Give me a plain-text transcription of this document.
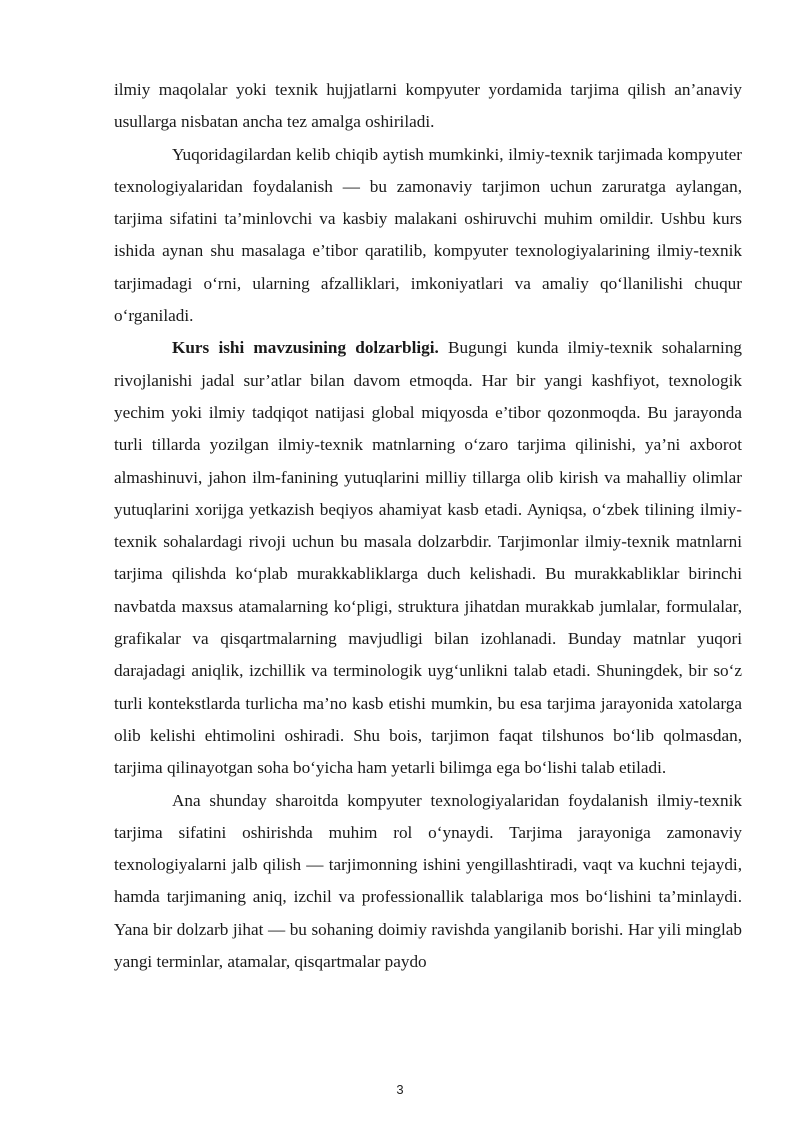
ilmiy maqolalar yoki texnik hujjatlarni kompyuter yordamida tarjima qilish an’anaviy usullarga nisbatan ancha tez amalga oshiriladi.

Yuqoridagilardan kelib chiqib aytish mumkinki, ilmiy-texnik tarjimada kompyuter texnologiyalaridan foydalanish — bu zamonaviy tarjimon uchun zaruratga aylangan, tarjima sifatini ta’minlovchi va kasbiy malakani oshiruvchi muhim omildir. Ushbu kurs ishida aynan shu masalaga e’tibor qaratilib, kompyuter texnologiyalarining ilmiy-texnik tarjimadagi o‘rni, ularning afzalliklari, imkoniyatlari va amaliy qo‘llanilishi chuqur o‘rganiladi.

Kurs ishi mavzusining dolzarbligi. Bugungi kunda ilmiy-texnik sohalarning rivojlanishi jadal sur’atlar bilan davom etmoqda. Har bir yangi kashfiyot, texnologik yechim yoki ilmiy tadqiqot natijasi global miqyosda e’tibor qozonmoqda. Bu jarayonda turli tillarda yozilgan ilmiy-texnik matnlarning o‘zaro tarjima qilinishi, ya’ni axborot almashinuvi, jahon ilm-fanining yutuqlarini milliy tillarga olib kirish va mahalliy olimlar yutuqlarini xorijga yetkazish beqiyos ahamiyat kasb etadi. Ayniqsa, o‘zbek tilining ilmiy-texnik sohalardagi rivoji uchun bu masala dolzarbdir. Tarjimonlar ilmiy-texnik matnlarni tarjima qilishda ko‘plab murakkabliklarga duch kelishadi. Bu murakkabliklar birinchi navbatda maxsus atamalarning ko‘pligi, struktura jihatdan murakkab jumlalar, formulalar, grafikalar va qisqartmalarning mavjudligi bilan izohlanadi. Bunday matnlar yuqori darajadagi aniqlik, izchillik va terminologik uyg‘unlikni talab etadi. Shuningdek, bir so‘z turli kontekstlarda turlicha ma’no kasb etishi mumkin, bu esa tarjima jarayonida xatolarga olib kelishi ehtimolini oshiradi. Shu bois, tarjimon faqat tilshunos bo‘lib qolmasdan, tarjima qilinayotgan soha bo‘yicha ham yetarli bilimga ega bo‘lishi talab etiladi.

Ana shunday sharoitda kompyuter texnologiyalaridan foydalanish ilmiy-texnik tarjima sifatini oshirishda muhim rol o‘ynaydi. Tarjima jarayoniga zamonaviy texnologiyalarni jalb qilish — tarjimonning ishini yengillashtiradi, vaqt va kuchni tejaydi, hamda tarjimaning aniq, izchil va professionallik talablariga mos bo‘lishini ta’minlaydi. Yana bir dolzarb jihat — bu sohaning doimiy ravishda yangilanib borishi. Har yili minglab yangi terminlar, atamalar, qisqartmalar paydo

3
